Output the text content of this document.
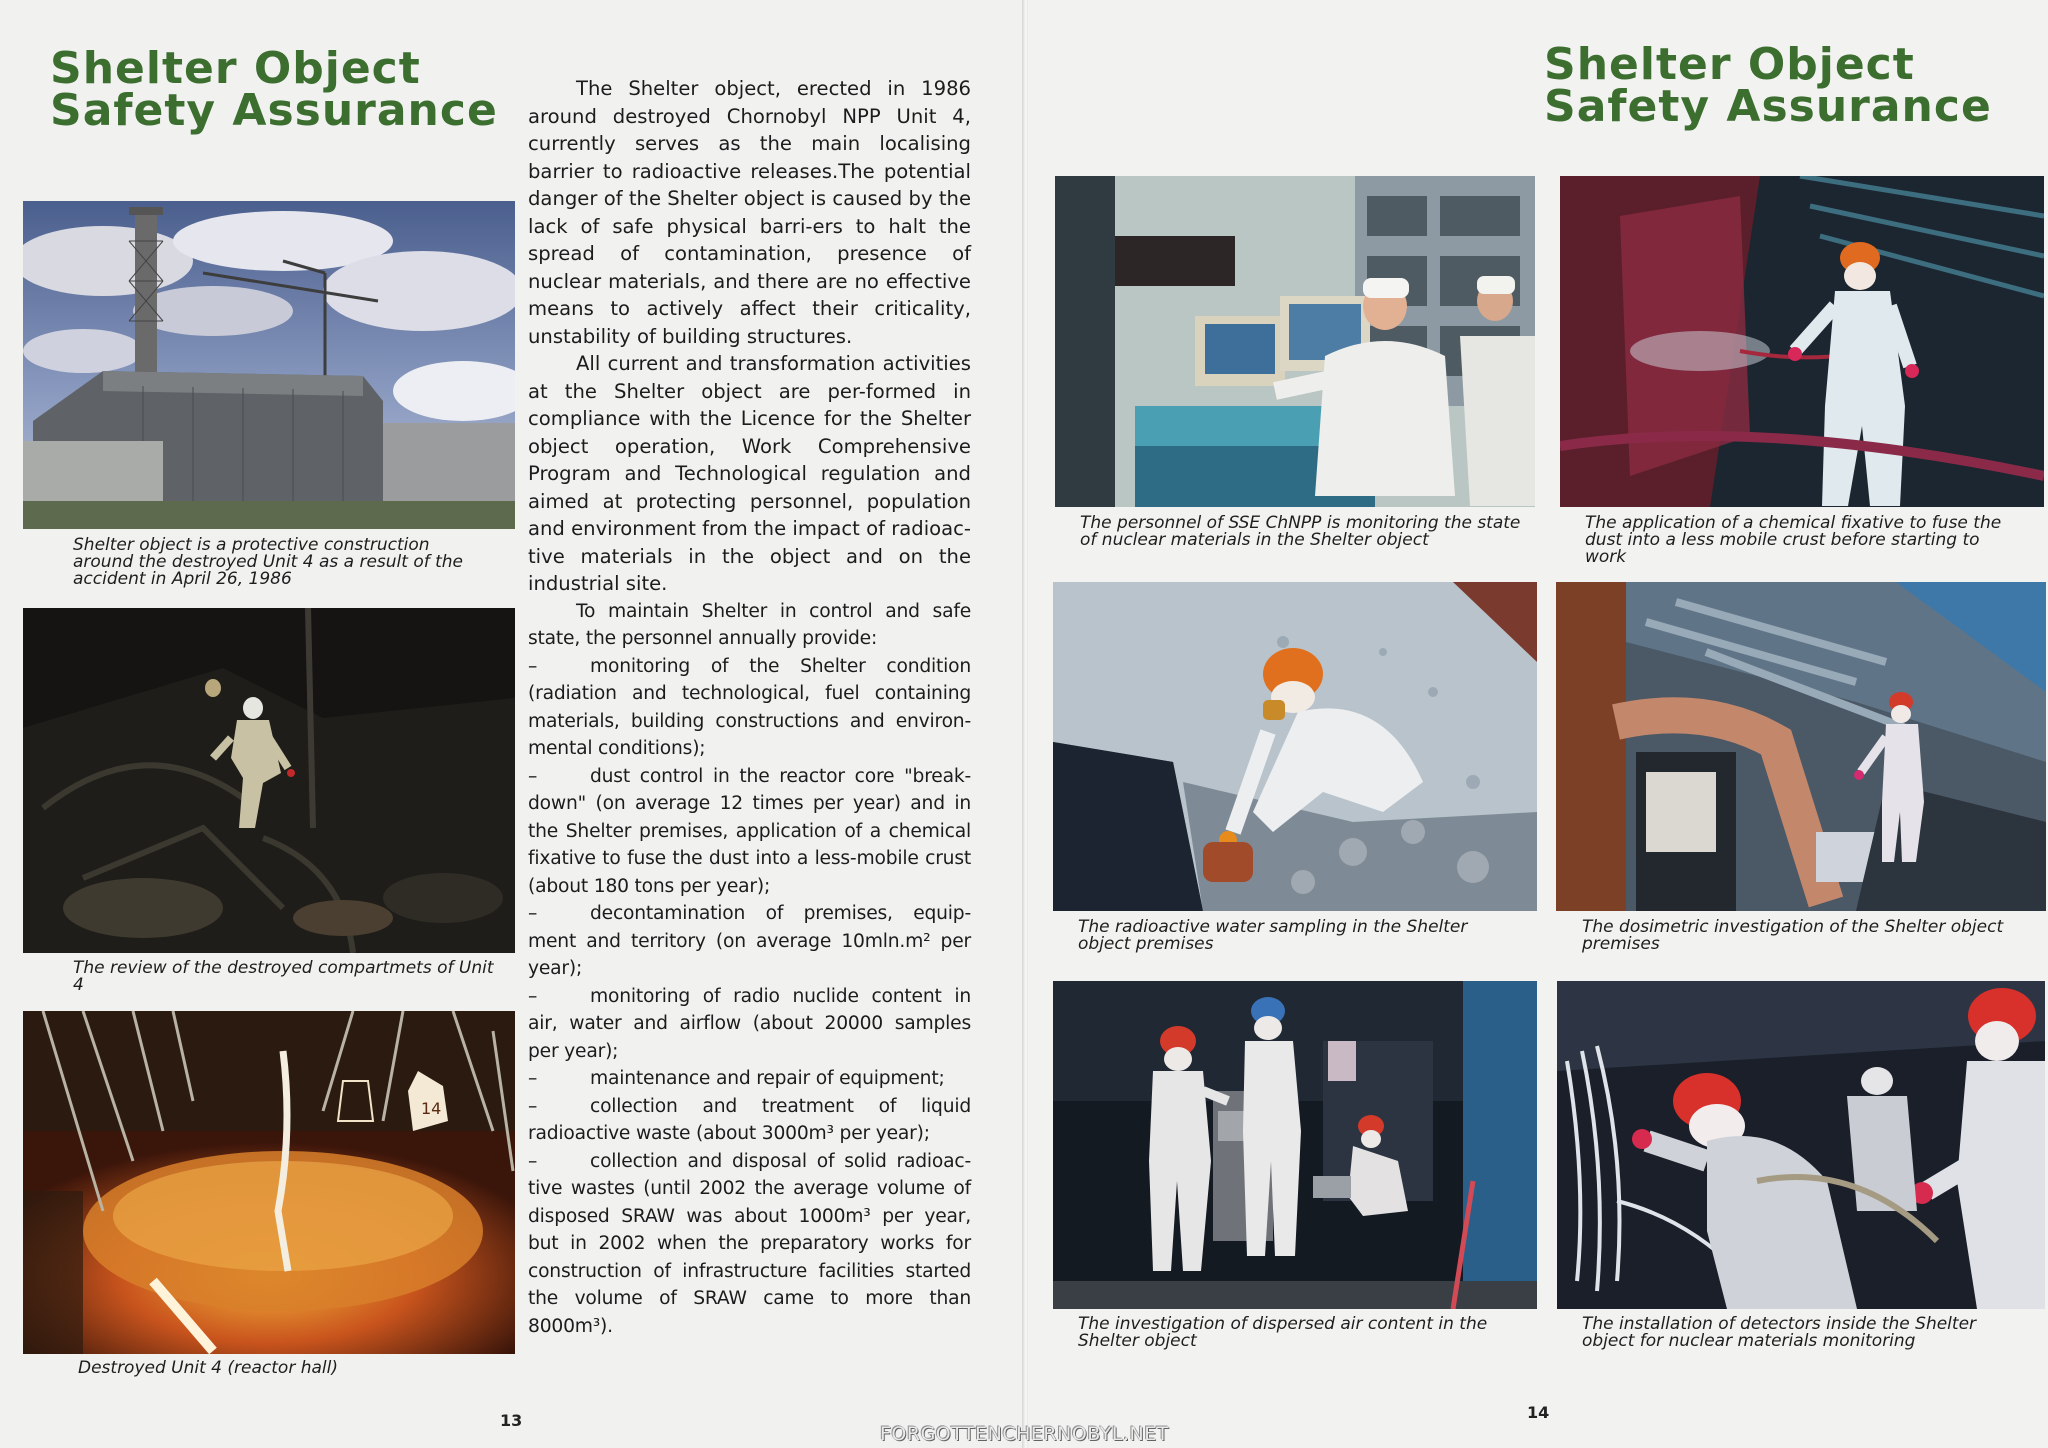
Shelter Object
Safety Assurance

Shelter object is a protective construction around the destroyed Unit 4 as a result of the accident in April 26, 1986

The review of the destroyed compartmets of Unit 4

14

Destroyed Unit 4 (reactor hall)

The Shelter object, erected in 1986 around destroyed Chornobyl NPP Unit 4, currently serves as the main localising barrier to radioactive releases.The potential danger of the Shelter object is caused by the lack of safe physical barri-ers to halt the spread of contamination, presence of nuclear materials, and there are no effective means to actively affect their criticality, unstability of building structures.

All current and transformation activities at the Shelter object are per-formed in compliance with the Licence for the Shelter object operation, Work Comprehensive Program and Technological regulation and aimed at protecting personnel, population and environment from the impact of radioac-tive materials in the object and on the industrial site.

To maintain Shelter in control and safe state, the personnel annually provide:

–	monitoring of the Shelter condition (radiation and technological, fuel containing materials, building constructions and environ-mental conditions);
–	dust control in the reactor core "break-down" (on average 12 times per year) and in the Shelter premises, application of a chemical fixative to fuse the dust into a less-mobile crust (about 180 tons per year);
–	decontamination of premises, equip-ment and territory (on average 10mln.m² per year);
–	monitoring of radio nuclide content in air, water and airflow (about 20000 samples per year);
–	maintenance and repair of equipment;
–	collection and treatment of liquid radioactive waste (about 3000m³ per year);
–	collection and disposal of solid radioac-tive wastes (until 2002 the average volume of disposed SRAW was about 1000m³ per year, but in 2002 when the preparatory works for construction of infrastructure facilities started the volume of SRAW came to more than 8000m³).
13
Shelter Object
Safety Assurance

The personnel of SSE ChNPP is monitoring the state of nuclear materials in the Shelter object

The application of a chemical fixative to fuse the dust into a less mobile crust before starting to work

The radioactive water sampling in the Shelter object premises

The dosimetric investigation of the Shelter object premises

The investigation of dispersed air content in the Shelter object

The installation of detectors inside the Shelter object for nuclear materials monitoring

14
FORGOTTENCHERNOBYL.NET
